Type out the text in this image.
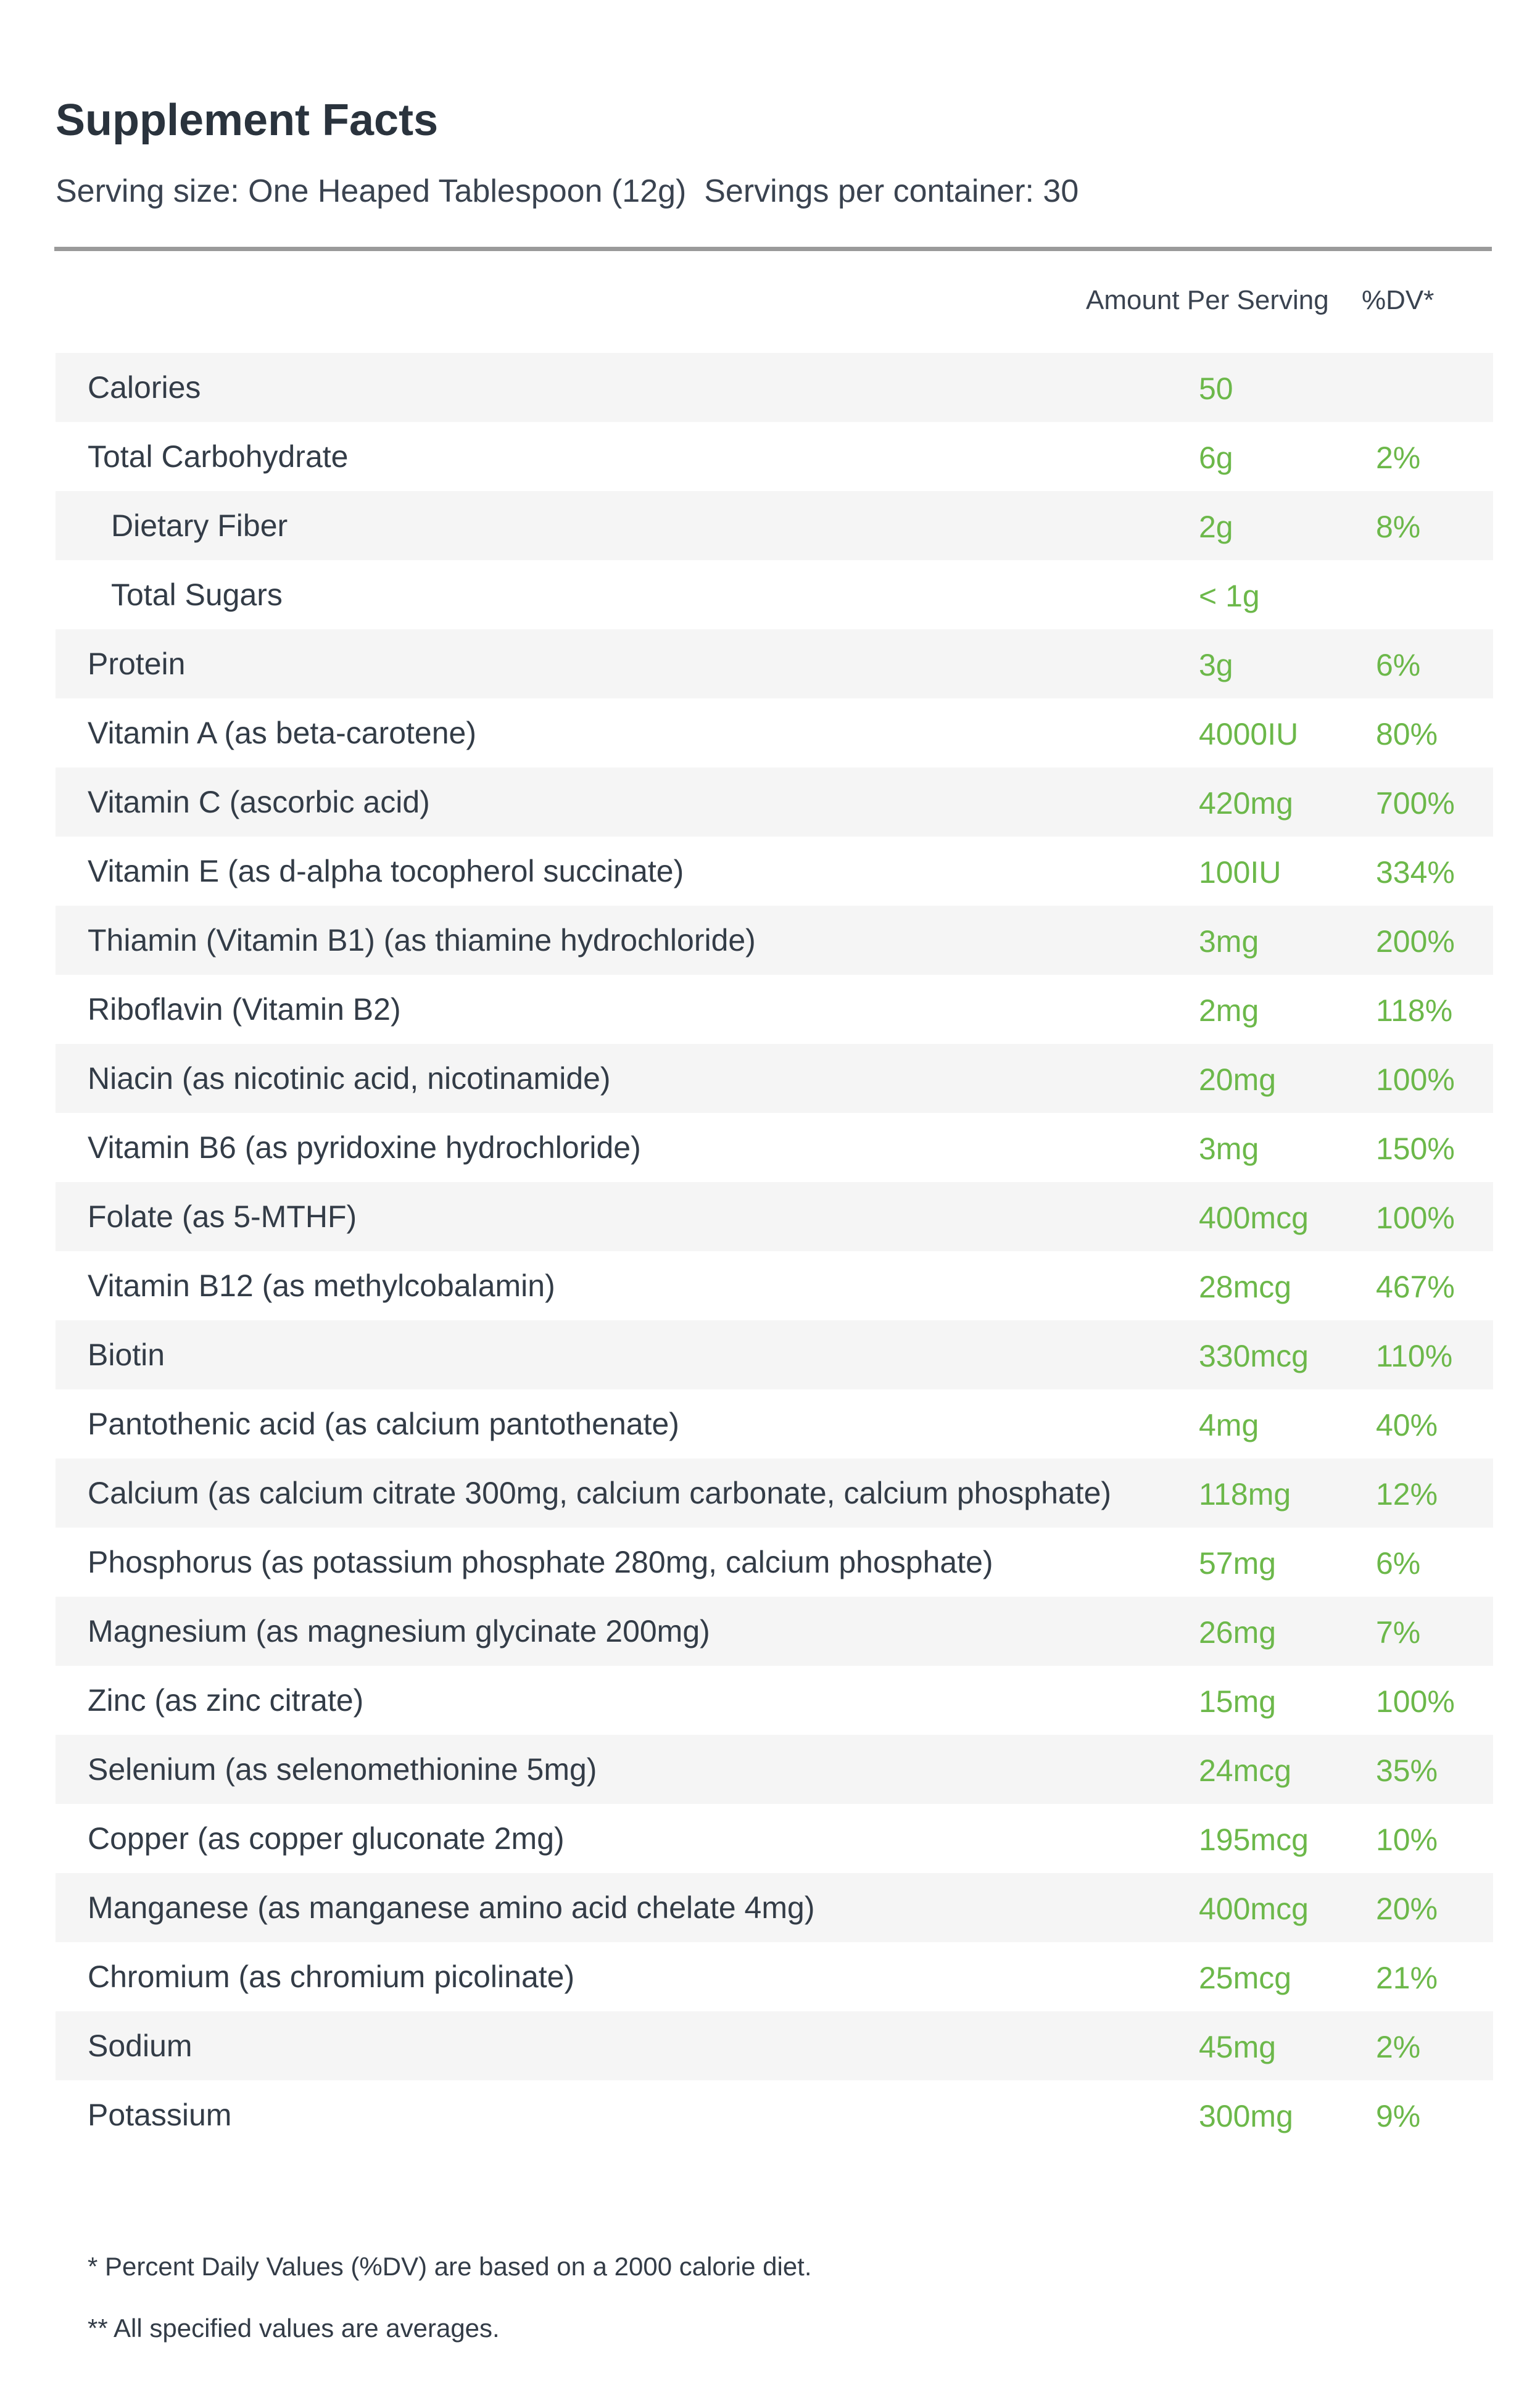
Supplement Facts
Serving size: One Heaped Tablespoon (12g)  Servings per container: 30
Amount Per Serving %DV*
Calories	50
Total Carbohydrate	6g	2%
Dietary Fiber	2g	8%
Total Sugars	< 1g
Protein	3g	6%
Vitamin A (as beta-carotene)	4000IU	80%
Vitamin C (ascorbic acid)	420mg	700%
Vitamin E (as d-alpha tocopherol succinate)	100IU	334%
Thiamin (Vitamin B1) (as thiamine hydrochloride)	3mg	200%
Riboflavin (Vitamin B2)	2mg	118%
Niacin (as nicotinic acid, nicotinamide)	20mg	100%
Vitamin B6 (as pyridoxine hydrochloride)	3mg	150%
Folate (as 5-MTHF)	400mcg 100%
Vitamin B12 (as methylcobalamin)	28mcg	467%
Biotin	330mcg 110%
Pantothenic acid (as calcium pantothenate)	4mg	40%
Calcium (as calcium citrate 300mg, calcium carbonate, calcium phosphate)	118mg	12%
Phosphorus (as potassium phosphate 280mg, calcium phosphate)	57mg	6%
Magnesium (as magnesium glycinate 200mg)	26mg	7%
Zinc (as zinc citrate)	15mg	100%
Selenium (as selenomethionine 5mg)	24mcg	35%
Copper (as copper gluconate 2mg)	195mcg 10%
Manganese (as manganese amino acid chelate 4mg)	400mcg 20%
Chromium (as chromium picolinate)	25mcg	21%
Sodium	45mg	2%
Potassium	300mg	9%

* Percent Daily Values (%DV) are based on a 2000 calorie diet.

** All specified values are averages.
